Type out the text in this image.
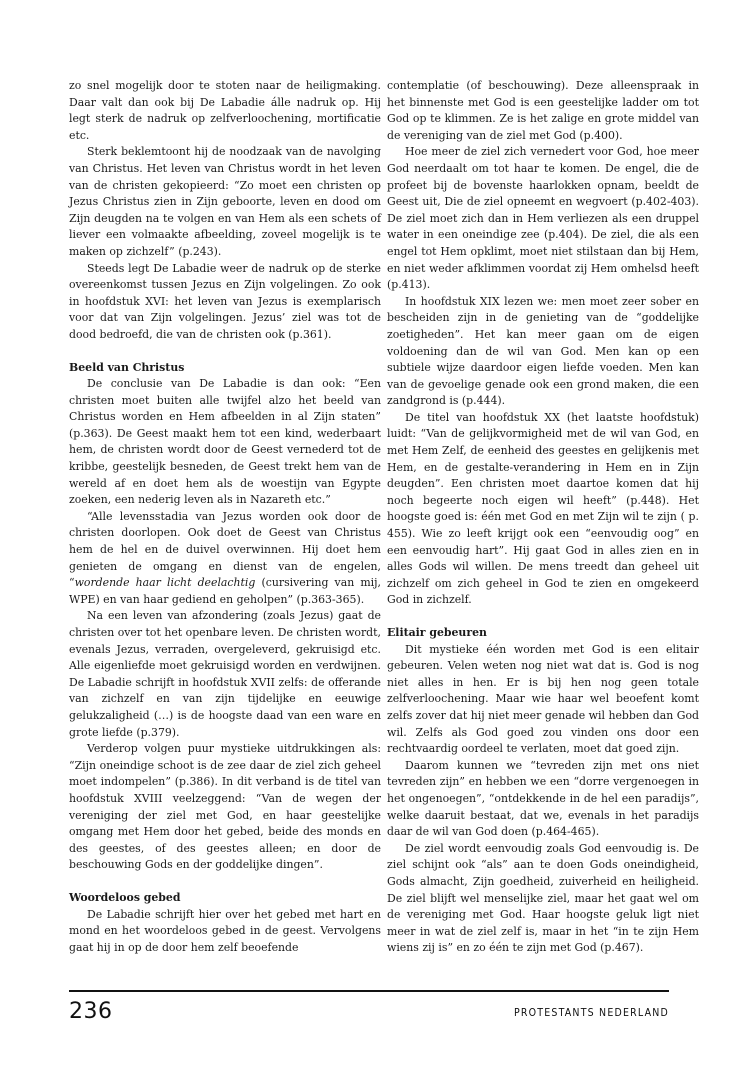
zo snel mogelijk door te stoten naar de heiligmaking. Daar valt dan ook bij De Labadie álle nadruk op. Hij legt sterk de nadruk op zelfverloochening, mortificatie etc.

Sterk beklemtoont hij de noodzaak van de navolging van Christus. Het leven van Christus wordt in het leven van de christen gekopieerd: “Zo moet een christen op Jezus Christus zien in Zijn geboorte, leven en dood om Zijn deugden na te volgen en van Hem als een schets of liever een volmaakte afbeelding, zoveel mogelijk is te maken op zichzelf” (p.243).

Steeds legt De Labadie weer de nadruk op de sterke overeenkomst tussen Jezus en Zijn volgelingen. Zo ook in hoofdstuk XVI: het leven van Jezus is exemplarisch voor dat van Zijn volgelingen. Jezus’ ziel was tot de dood bedroefd, die van de christen ook (p.361).

Beeld van Christus

De conclusie van De Labadie is dan ook: “Een christen moet buiten alle twijfel alzo het beeld van Christus worden en Hem afbeelden in al Zijn staten” (p.363). De Geest maakt hem tot een kind, wederbaart hem, de christen wordt door de Geest vernederd tot de kribbe, geestelijk besneden, de Geest trekt hem van de wereld af en doet hem als de woestijn van Egypte zoeken, een nederig leven als in Nazareth etc.”

“Alle levensstadia van Jezus worden ook door de christen doorlopen. Ook doet de Geest van Christus hem de hel en de duivel overwinnen. Hij doet hem genieten de omgang en dienst van de engelen, “wordende haar licht deelachtig (cursivering van mij, WPE) en van haar gediend en geholpen” (p.363-365).

Na een leven van afzondering (zoals Jezus) gaat de christen over tot het openbare leven. De christen wordt, evenals Jezus, verraden, overgeleverd, gekruisigd etc. Alle eigenliefde moet gekruisigd worden en verdwijnen. De Labadie schrijft in hoofdstuk XVII zelfs: de offerande van zichzelf en van zijn tijdelijke en eeuwige gelukzaligheid (…) is de hoogste daad van een ware en grote liefde (p.379).

Verderop volgen puur mystieke uitdrukkingen als: “Zijn oneindige schoot is de zee daar de ziel zich geheel moet indompelen” (p.386). In dit verband is de titel van hoofdstuk XVIII veelzeggend: “Van de wegen der vereniging der ziel met God, en haar geestelijke omgang met Hem door het gebed, beide des monds en des geestes, of des geestes alleen; en door de beschouwing Gods en der goddelijke dingen”.

Woordeloos gebed

De Labadie schrijft hier over het gebed met hart en mond en het woordeloos gebed in de geest. Vervolgens gaat hij in op de door hem zelf beoefende

contemplatie (of beschouwing). Deze alleenspraak in het binnenste met God is een geestelijke ladder om tot God op te klimmen. Ze is het zalige en grote middel van de vereniging van de ziel met God (p.400).

Hoe meer de ziel zich vernedert voor God, hoe meer God neerdaalt om tot haar te komen. De engel, die de profeet bij de bovenste haarlokken opnam, beeldt de Geest uit, Die de ziel opneemt en wegvoert (p.402-403). De ziel moet zich dan in Hem verliezen als een druppel water in een oneindige zee (p.404). De ziel, die als een engel tot Hem opklimt, moet niet stilstaan dan bij Hem, en niet weder afklimmen voordat zij Hem omhelsd heeft (p.413).

In hoofdstuk XIX lezen we: men moet zeer sober en bescheiden zijn in de genieting van de “goddelijke zoetigheden”. Het kan meer gaan om de eigen voldoening dan de wil van God. Men kan op een subtiele wijze daardoor eigen liefde voeden. Men kan van de gevoelige genade ook een grond maken, die een zandgrond is (p.444).

De titel van hoofdstuk XX (het laatste hoofdstuk) luidt: “Van de gelijkvormigheid met de wil van God, en met Hem Zelf, de eenheid des geestes en gelijkenis met Hem, en de gestalte-verandering in Hem en in Zijn deugden”. Een christen moet daartoe komen dat hij noch begeerte noch eigen wil heeft” (p.448). Het hoogste goed is: één met God en met Zijn wil te zijn ( p. 455). Wie zo leeft krijgt ook een “eenvoudig oog” en een eenvoudig hart”. Hij gaat God in alles zien en in alles Gods wil willen. De mens treedt dan geheel uit zichzelf om zich geheel in God te zien en omgekeerd God in zichzelf.

Elitair gebeuren

Dit mystieke één worden met God is een elitair gebeuren. Velen weten nog niet wat dat is. God is nog niet alles in hen. Er is bij hen nog geen totale zelfverloochening. Maar wie haar wel beoefent komt zelfs zover dat hij niet meer genade wil hebben dan God wil. Zelfs als God goed zou vinden ons door een rechtvaardig oordeel te verlaten, moet dat goed zijn.

Daarom kunnen we “tevreden zijn met ons niet tevreden zijn” en hebben we een “dorre vergenoegen in het ongenoegen”, “ontdekkende in de hel een paradijs”, welke daaruit bestaat, dat we, evenals in het paradijs daar de wil van God doen (p.464-465).

De ziel wordt eenvoudig zoals God eenvoudig is. De ziel schijnt ook “als” aan te doen Gods oneindigheid, Gods almacht, Zijn goedheid, zuiverheid en heiligheid. De ziel blijft wel menselijke ziel, maar het gaat wel om de vereniging met God. Haar hoogste geluk ligt niet meer in wat de ziel zelf is, maar in het “in te zijn Hem wiens zij is” en zo één te zijn met God (p.467).

236	PROTESTANTS NEDERLAND
